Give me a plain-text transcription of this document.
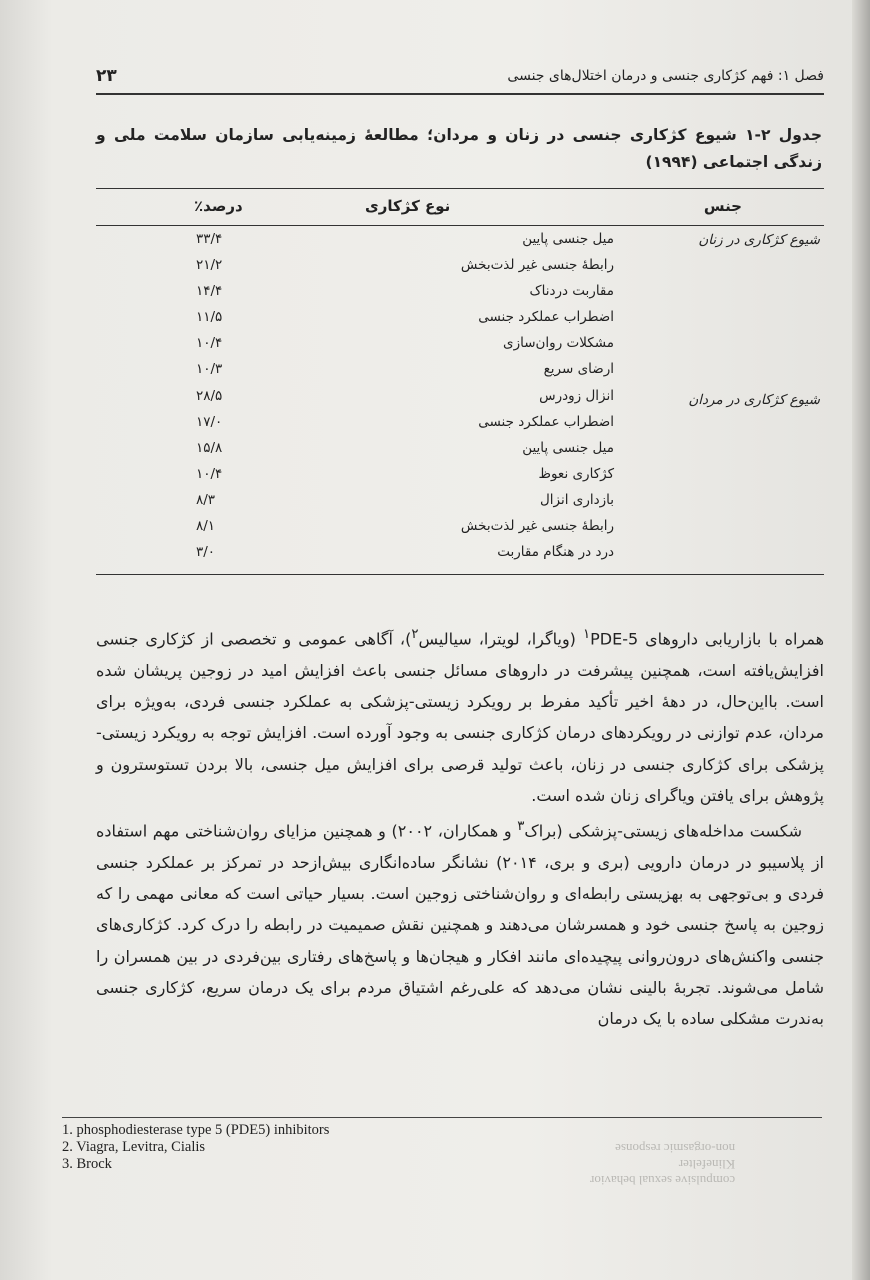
فصل ۱: فهم کژکاری جنسی و درمان اختلال‌های جنسی
۲۳
جدول ۲-۱ شیوع کژکاری جنسی در زنان و مردان؛ مطالعهٔ زمینه‌یابی سازمان سلامت ملی و زندگی اجتماعی (۱۹۹۴)
جنس
نوع کژکاری
درصد٪
شیوع کژکاری در زنان
شیوع کژکاری در مردان
میل جنسی پایین
۳۳/۴
رابطهٔ جنسی غیر لذت‌بخش
۲۱/۲
مقاربت دردناک
۱۴/۴
اضطراب عملکرد جنسی
۱۱/۵
مشکلات روان‌سازی
۱۰/۴
ارضای سریع
۱۰/۳
انزال زودرس
۲۸/۵
اضطراب عملکرد جنسی
۱۷/۰
میل جنسی پایین
۱۵/۸
کژکاری نعوظ
۱۰/۴
بازداری انزال
۸/۳
رابطهٔ جنسی غیر لذت‌بخش
۸/۱
درد در هنگام مقاربت
۳/۰

همراه با بازاریابی داروهای PDE-$5^۱$ (ویاگرا، لویترا، سیالیس$^۲$)، آگاهی عمومی و تخصصی از کژکاری جنسی افزایش‌یافته است، همچنین پیشرفت در داروهای مسائل جنسی باعث افزایش امید در زوجین پریشان شده است. بااین‌حال، در دههٔ اخیر تأکید مفرط بر رویکرد زیستی-پزشکی به عملکرد جنسی فردی، به‌ویژه برای مردان، عدم توازنی در رویکردهای درمان کژکاری جنسی به وجود آورده است. افزایش توجه به رویکرد زیستی- پزشکی برای کژکاری جنسی در زنان، باعث تولید قرصی برای افزایش میل جنسی، بالا بردن تستوسترون و پژوهش برای یافتن ویاگرای زنان شده است.

شکست مداخله‌های زیستی-پزشکی (براک$^۳$ و همکاران، ۲۰۰۲) و همچنین مزایای روان‌شناختی مهم استفاده از پلاسیبو در درمان دارویی (بری و بری، ۲۰۱۴) نشانگر ساده‌انگاری بیش‌ازحد در تمرکز بر عملکرد جنسی فردی و بی‌توجهی به بهزیستی رابطه‌ای و روان‌شناختی زوجین است. بسیار حیاتی است که معانی مهمی را که زوجین به پاسخ جنسی خود و همسرشان می‌دهند و همچنین نقش صمیمیت در رابطه را درک کرد. کژکاری‌های جنسی واکنش‌های درون‌روانی پیچیده‌ای مانند افکار و هیجان‌ها و پاسخ‌های رفتاری بین‌فردی در بین همسران را شامل می‌شوند. تجربهٔ بالینی نشان می‌دهد که علی‌رغم اشتیاق مردم برای یک درمان سریع، کژکاری جنسی به‌ندرت مشکلی ساده با یک درمان

1. phosphodiesterase type 5 (PDE5) inhibitors
2. Viagra, Levitra, Cialis
3. Brock
compulsive sexual behavior
Klinefelter
non-orgasmic response
